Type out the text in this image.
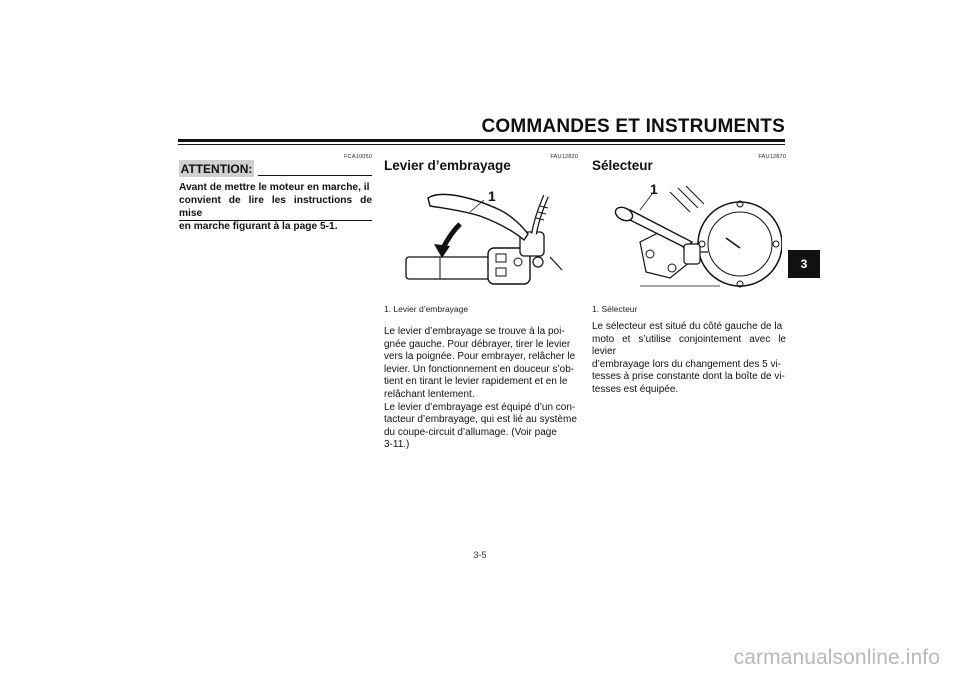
COMMANDES ET INSTRUMENTS
3
FCA10050
ATTENTION:
Avant de mettre le moteur en marche, il
convient de lire les instructions de mise
en marche figurant à la page 5-1.
FAU12820
Levier d’embrayage
1
1. Levier d’embrayage
Le levier d’embrayage se trouve à la poi-
gnée gauche. Pour débrayer, tirer le levier
vers la poignée. Pour embrayer, relâcher le
levier. Un fonctionnement en douceur s’ob-
tient en tirant le levier rapidement et en le
relâchant lentement.
Le levier d’embrayage est équipé d’un con-
tacteur d’embrayage, qui est lié au système
du coupe-circuit d’allumage. (Voir page
3-11.)
FAU12870
Sélecteur
1
1. Sélecteur
Le sélecteur est situé du côté gauche de la
moto et s’utilise conjointement avec le levier
d’embrayage lors du changement des 5 vi-
tesses à prise constante dont la boîte de vi-
tesses est équipée.
3-5
carmanualsonline.info
